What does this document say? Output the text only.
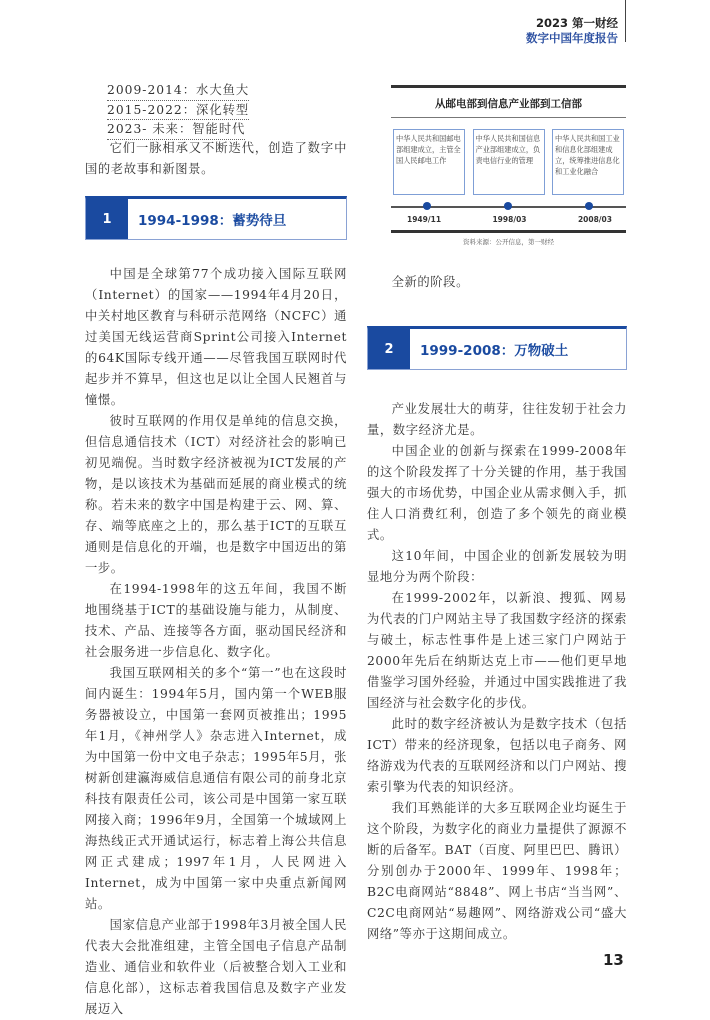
2023 第一财经
数字中国年度报告
2009-2014：水大鱼大
2015-2022：深化转型
2023- 未来：智能时代

它们一脉相承又不断迭代，创造了数字中国的老故事和新图景。

1	1994-1998：蓄势待旦

中国是全球第77个成功接入国际互联网（Internet）的国家——1994年4月20日，中关村地区教育与科研示范网络（NCFC）通过美国无线运营商Sprint公司接入Internet的64K国际专线开通——尽管我国互联网时代起步并不算早，但这也足以让全国人民翘首与憧憬。

彼时互联网的作用仅是单纯的信息交换，但信息通信技术（ICT）对经济社会的影响已初见端倪。当时数字经济被视为ICT发展的产物，是以该技术为基础而延展的商业模式的统称。若未来的数字中国是构建于云、网、算、存、端等底座之上的，那么基于ICT的互联互通则是信息化的开端，也是数字中国迈出的第一步。

在1994-1998年的这五年间，我国不断地围绕基于ICT的基础设施与能力，从制度、技术、产品、连接等各方面，驱动国民经济和社会服务进一步信息化、数字化。

我国互联网相关的多个“第一”也在这段时间内诞生：1994年5月，国内第一个WEB服务器被设立，中国第一套网页被推出；1995年1月，《神州学人》杂志进入Internet，成为中国第一份中文电子杂志；1995年5月，张树新创建瀛海威信息通信有限公司的前身北京科技有限责任公司，该公司是中国第一家互联网接入商；1996年9月，全国第一个城域网上海热线正式开通试运行，标志着上海公共信息网正式建成；1997年1月，人民网进入Internet，成为中国第一家中央重点新闻网站。

国家信息产业部于1998年3月被全国人民代表大会批准组建，主管全国电子信息产品制造业、通信业和软件业（后被整合划入工业和信息化部），这标志着我国信息及数字产业发展迈入

从邮电部到信息产业部到工信部
中华人民共和国邮电部组建成立，主管全国人民邮电工作
中华人民共和国信息产业部组建成立，负责电信行业的管理
中华人民共和国工业和信息化部组建成立，统筹推进信息化和工业化融合
1949/11	1998/03	2008/03
资料来源：公开信息，第一财经

全新的阶段。

2	1999-2008：万物破土

产业发展壮大的萌芽，往往发轫于社会力量，数字经济尤是。

中国企业的创新与探索在1999-2008年的这个阶段发挥了十分关键的作用，基于我国强大的市场优势，中国企业从需求侧入手，抓住人口消费红利，创造了多个领先的商业模式。

这10年间，中国企业的创新发展较为明显地分为两个阶段：

在1999-2002年，以新浪、搜狐、网易为代表的门户网站主导了我国数字经济的探索与破土，标志性事件是上述三家门户网站于2000年先后在纳斯达克上市——他们更早地借鉴学习国外经验，并通过中国实践推进了我国经济与社会数字化的步伐。

此时的数字经济被认为是数字技术（包括ICT）带来的经济现象，包括以电子商务、网络游戏为代表的互联网经济和以门户网站、搜索引擎为代表的知识经济。

我们耳熟能详的大多互联网企业均诞生于这个阶段，为数字化的商业力量提供了源源不断的后备军。BAT（百度、阿里巴巴、腾讯）分别创办于2000年、1999年、1998年；B2C电商网站“8848”、网上书店“当当网”、C2C电商网站“易趣网”、网络游戏公司“盛大网络”等亦于这期间成立。

13
